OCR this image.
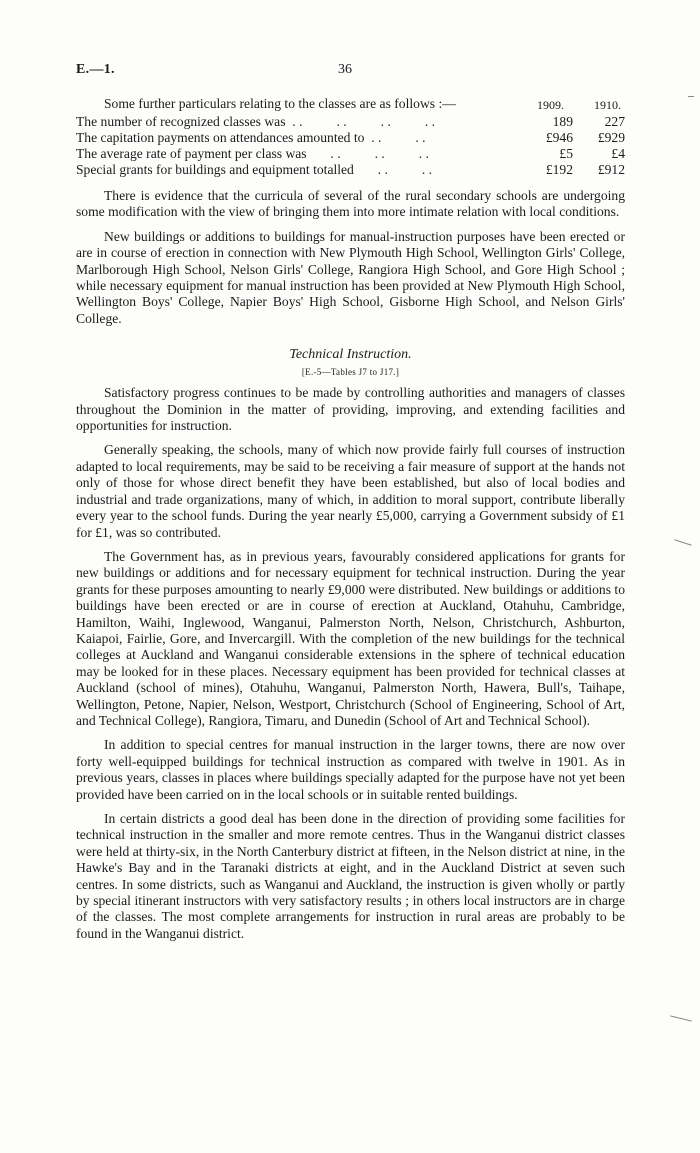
E.—1.	36
Some further particulars relating to the classes are as follows :—	1909.	1910.
The number of recognized classes was  . .          . .          . .          . .	189	227
The capitation payments on attendances amounted to  . .          . .	£946	£929
The average rate of payment per class was       . .          . .          . .	£5	£4
Special grants for buildings and equipment totalled       . .          . .	£192	£912

There is evidence that the curricula of several of the rural secondary schools are undergoing some modification with the view of bringing them into more intimate relation with local conditions.

New buildings or additions to buildings for manual-instruction purposes have been erected or are in course of erection in connection with New Plymouth High School, Wellington Girls' College, Marlborough High School, Nelson Girls' College, Rangiora High School, and Gore High School ; while necessary equipment for manual instruction has been provided at New Plymouth High School, Wellington Boys' College, Napier Boys' High School, Gisborne High School, and Nelson Girls' College.

Technical Instruction.
[E.-5—Tables J7 to J17.]

Satisfactory progress continues to be made by controlling authorities and managers of classes throughout the Dominion in the matter of providing, improving, and extending facilities and opportunities for instruction.

Generally speaking, the schools, many of which now provide fairly full courses of instruction adapted to local requirements, may be said to be receiving a fair measure of support at the hands not only of those for whose direct benefit they have been established, but also of local bodies and industrial and trade organizations, many of which, in addition to moral support, contribute liberally every year to the school funds. During the year nearly £5,000, carrying a Government subsidy of £1 for £1, was so contributed.

The Government has, as in previous years, favourably considered applications for grants for new buildings or additions and for necessary equipment for technical instruction. During the year grants for these purposes amounting to nearly £9,000 were distributed. New buildings or additions to buildings have been erected or are in course of erection at Auckland, Otahuhu, Cambridge, Hamilton, Waihi, Inglewood, Wanganui, Palmerston North, Nelson, Christchurch, Ashburton, Kaiapoi, Fairlie, Gore, and Invercargill. With the completion of the new buildings for the technical colleges at Auckland and Wanganui considerable extensions in the sphere of technical education may be looked for in these places. Necessary equipment has been provided for technical classes at Auckland (school of mines), Otahuhu, Wanganui, Palmerston North, Hawera, Bull's, Taihape, Wellington, Petone, Napier, Nelson, Westport, Christchurch (School of Engineering, School of Art, and Technical College), Rangiora, Timaru, and Dunedin (School of Art and Technical School).

In addition to special centres for manual instruction in the larger towns, there are now over forty well-equipped buildings for technical instruction as compared with twelve in 1901. As in previous years, classes in places where buildings specially adapted for the purpose have not yet been provided have been carried on in the local schools or in suitable rented buildings.

In certain districts a good deal has been done in the direction of providing some facilities for technical instruction in the smaller and more remote centres. Thus in the Wanganui district classes were held at thirty-six, in the North Canterbury district at fifteen, in the Nelson district at nine, in the Hawke's Bay and in the Taranaki districts at eight, and in the Auckland District at seven such centres. In some districts, such as Wanganui and Auckland, the instruction is given wholly or partly by special itinerant instructors with very satisfactory results ; in others local instructors are in charge of the classes. The most complete arrangements for instruction in rural areas are probably to be found in the Wanganui district.
